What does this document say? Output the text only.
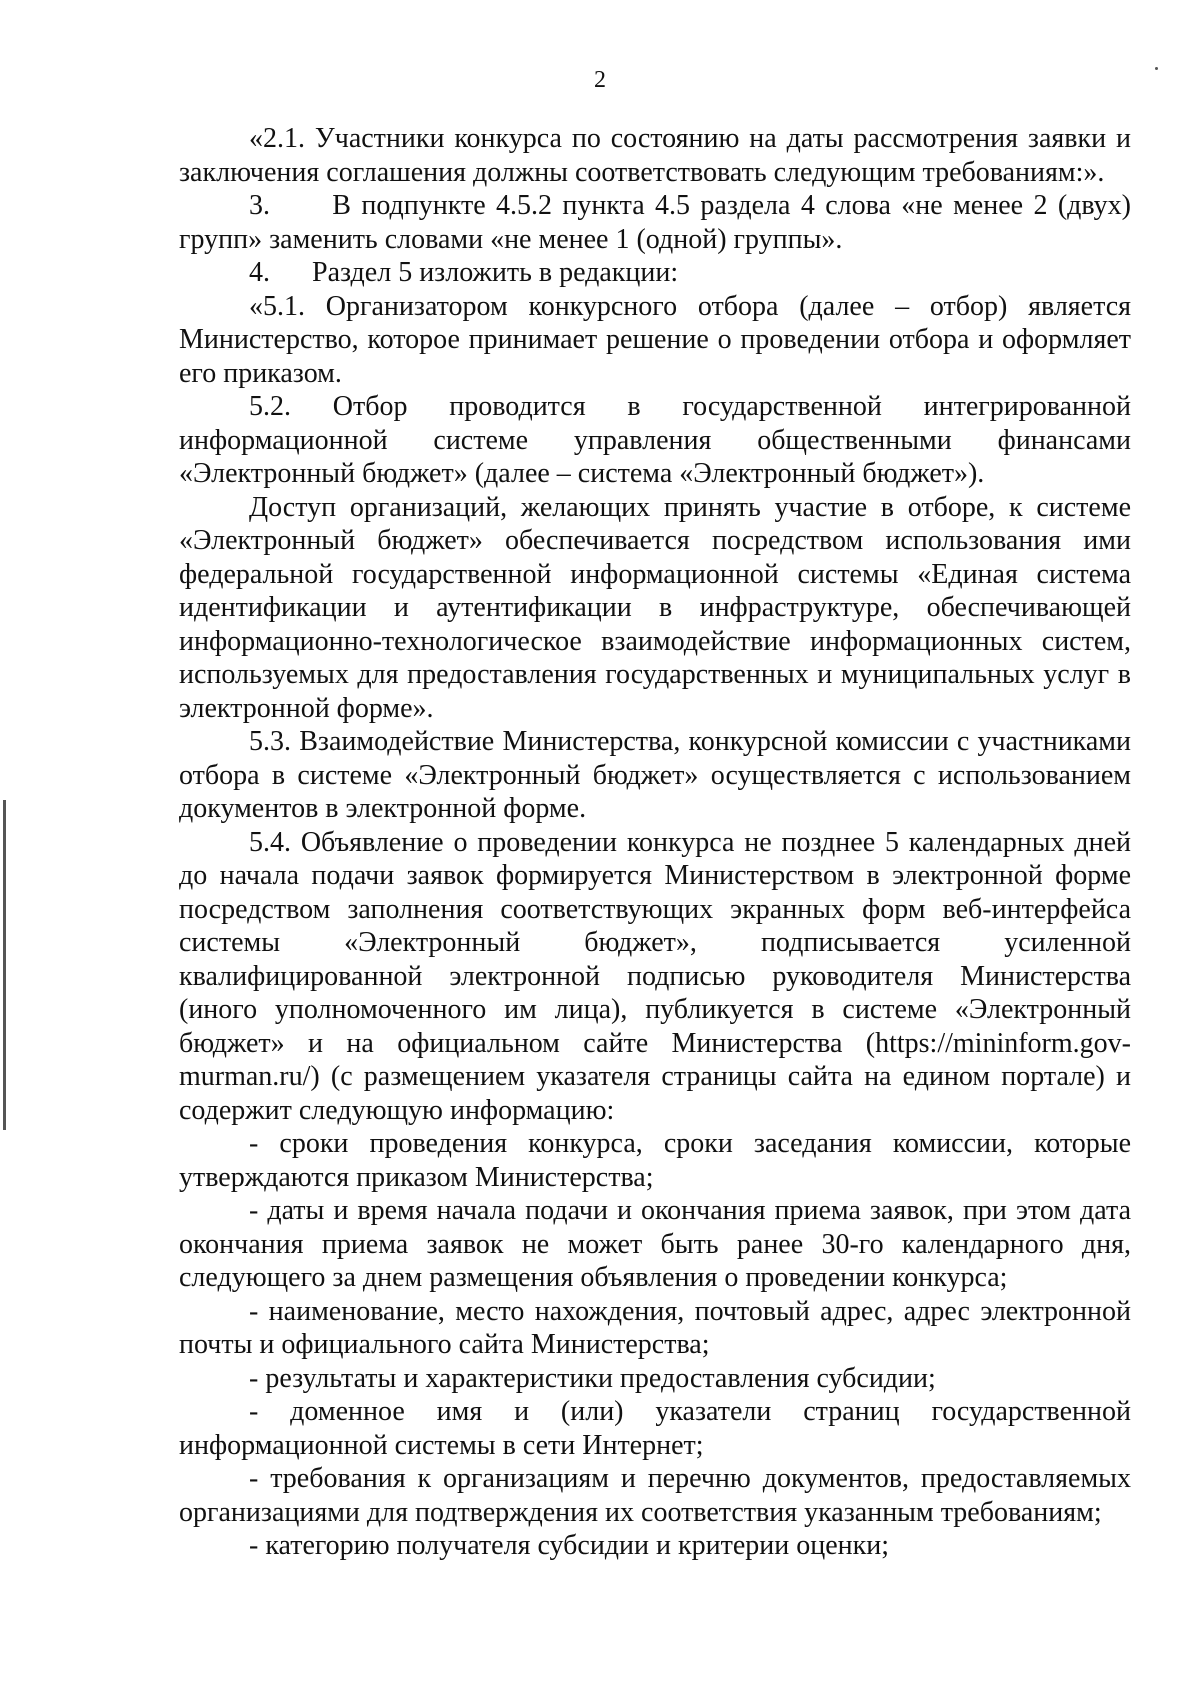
2

«2.1. Участники конкурса по состоянию на даты рассмотрения заявки и заключения соглашения должны соответствовать следующим требованиям:».

3.      В подпункте 4.5.2 пункта 4.5 раздела 4 слова «не менее 2 (двух) групп» заменить словами «не менее 1 (одной) группы».

4.      Раздел 5 изложить в редакции:

«5.1. Организатором конкурсного отбора (далее – отбор) является Министерство, которое принимает решение о проведении отбора и оформляет его приказом.

5.2. Отбор проводится в государственной интегрированной информационной системе управления общественными финансами «Электронный бюджет» (далее – система «Электронный бюджет»).

Доступ организаций, желающих принять участие в отборе, к системе «Электронный бюджет» обеспечивается посредством использования ими федеральной государственной информационной системы «Единая система идентификации и аутентификации в инфраструктуре, обеспечивающей информационно-технологическое взаимодействие информационных систем, используемых для предоставления государственных и муниципальных услуг в электронной форме».

5.3. Взаимодействие Министерства, конкурсной комиссии с участниками отбора в системе «Электронный бюджет» осуществляется с использованием документов в электронной форме.

5.4. Объявление о проведении конкурса не позднее 5 календарных дней до начала подачи заявок формируется Министерством в электронной форме посредством заполнения соответствующих экранных форм веб-интерфейса системы «Электронный бюджет», подписывается усиленной квалифицированной электронной подписью руководителя Министерства (иного уполномоченного им лица), публикуется в системе «Электронный бюджет» и на официальном сайте Министерства (https://mininform.gov-murman.ru/) (с размещением указателя страницы сайта на едином портале) и содержит следующую информацию:

- сроки проведения конкурса, сроки заседания комиссии, которые утверждаются приказом Министерства;

- даты и время начала подачи и окончания приема заявок, при этом дата окончания приема заявок не может быть ранее 30-го календарного дня, следующего за днем размещения объявления о проведении конкурса;

- наименование, место нахождения, почтовый адрес, адрес электронной почты и официального сайта Министерства;

- результаты и характеристики предоставления субсидии;

- доменное имя и (или) указатели страниц государственной информационной системы в сети Интернет;

- требования к организациям и перечню документов, предоставляемых организациями для подтверждения их соответствия указанным требованиям;

- категорию получателя субсидии и критерии оценки;
